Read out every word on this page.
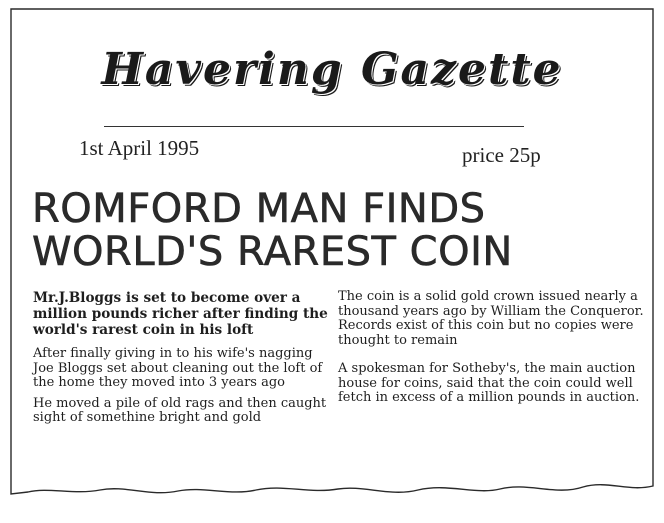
Havering Gazette
1st April 1995	price 25p
ROMFORD MAN FINDS WORLD'S RAREST COIN

Mr.J.Bloggs is set to become over a million pounds richer after finding the world's rarest coin in his loft

After finally giving in to his wife's nagging Joe Bloggs set about cleaning out the loft of the home they moved into 3 years ago

He moved a pile of old rags and then caught sight of somethine bright and gold

The coin is a solid gold crown issued nearly a thousand years ago by William the Conqueror. Records exist of this coin but no copies were thought to remain

A spokesman for Sotheby's, the main auction house for coins, said that the coin could well fetch in excess of a million pounds in auction.
